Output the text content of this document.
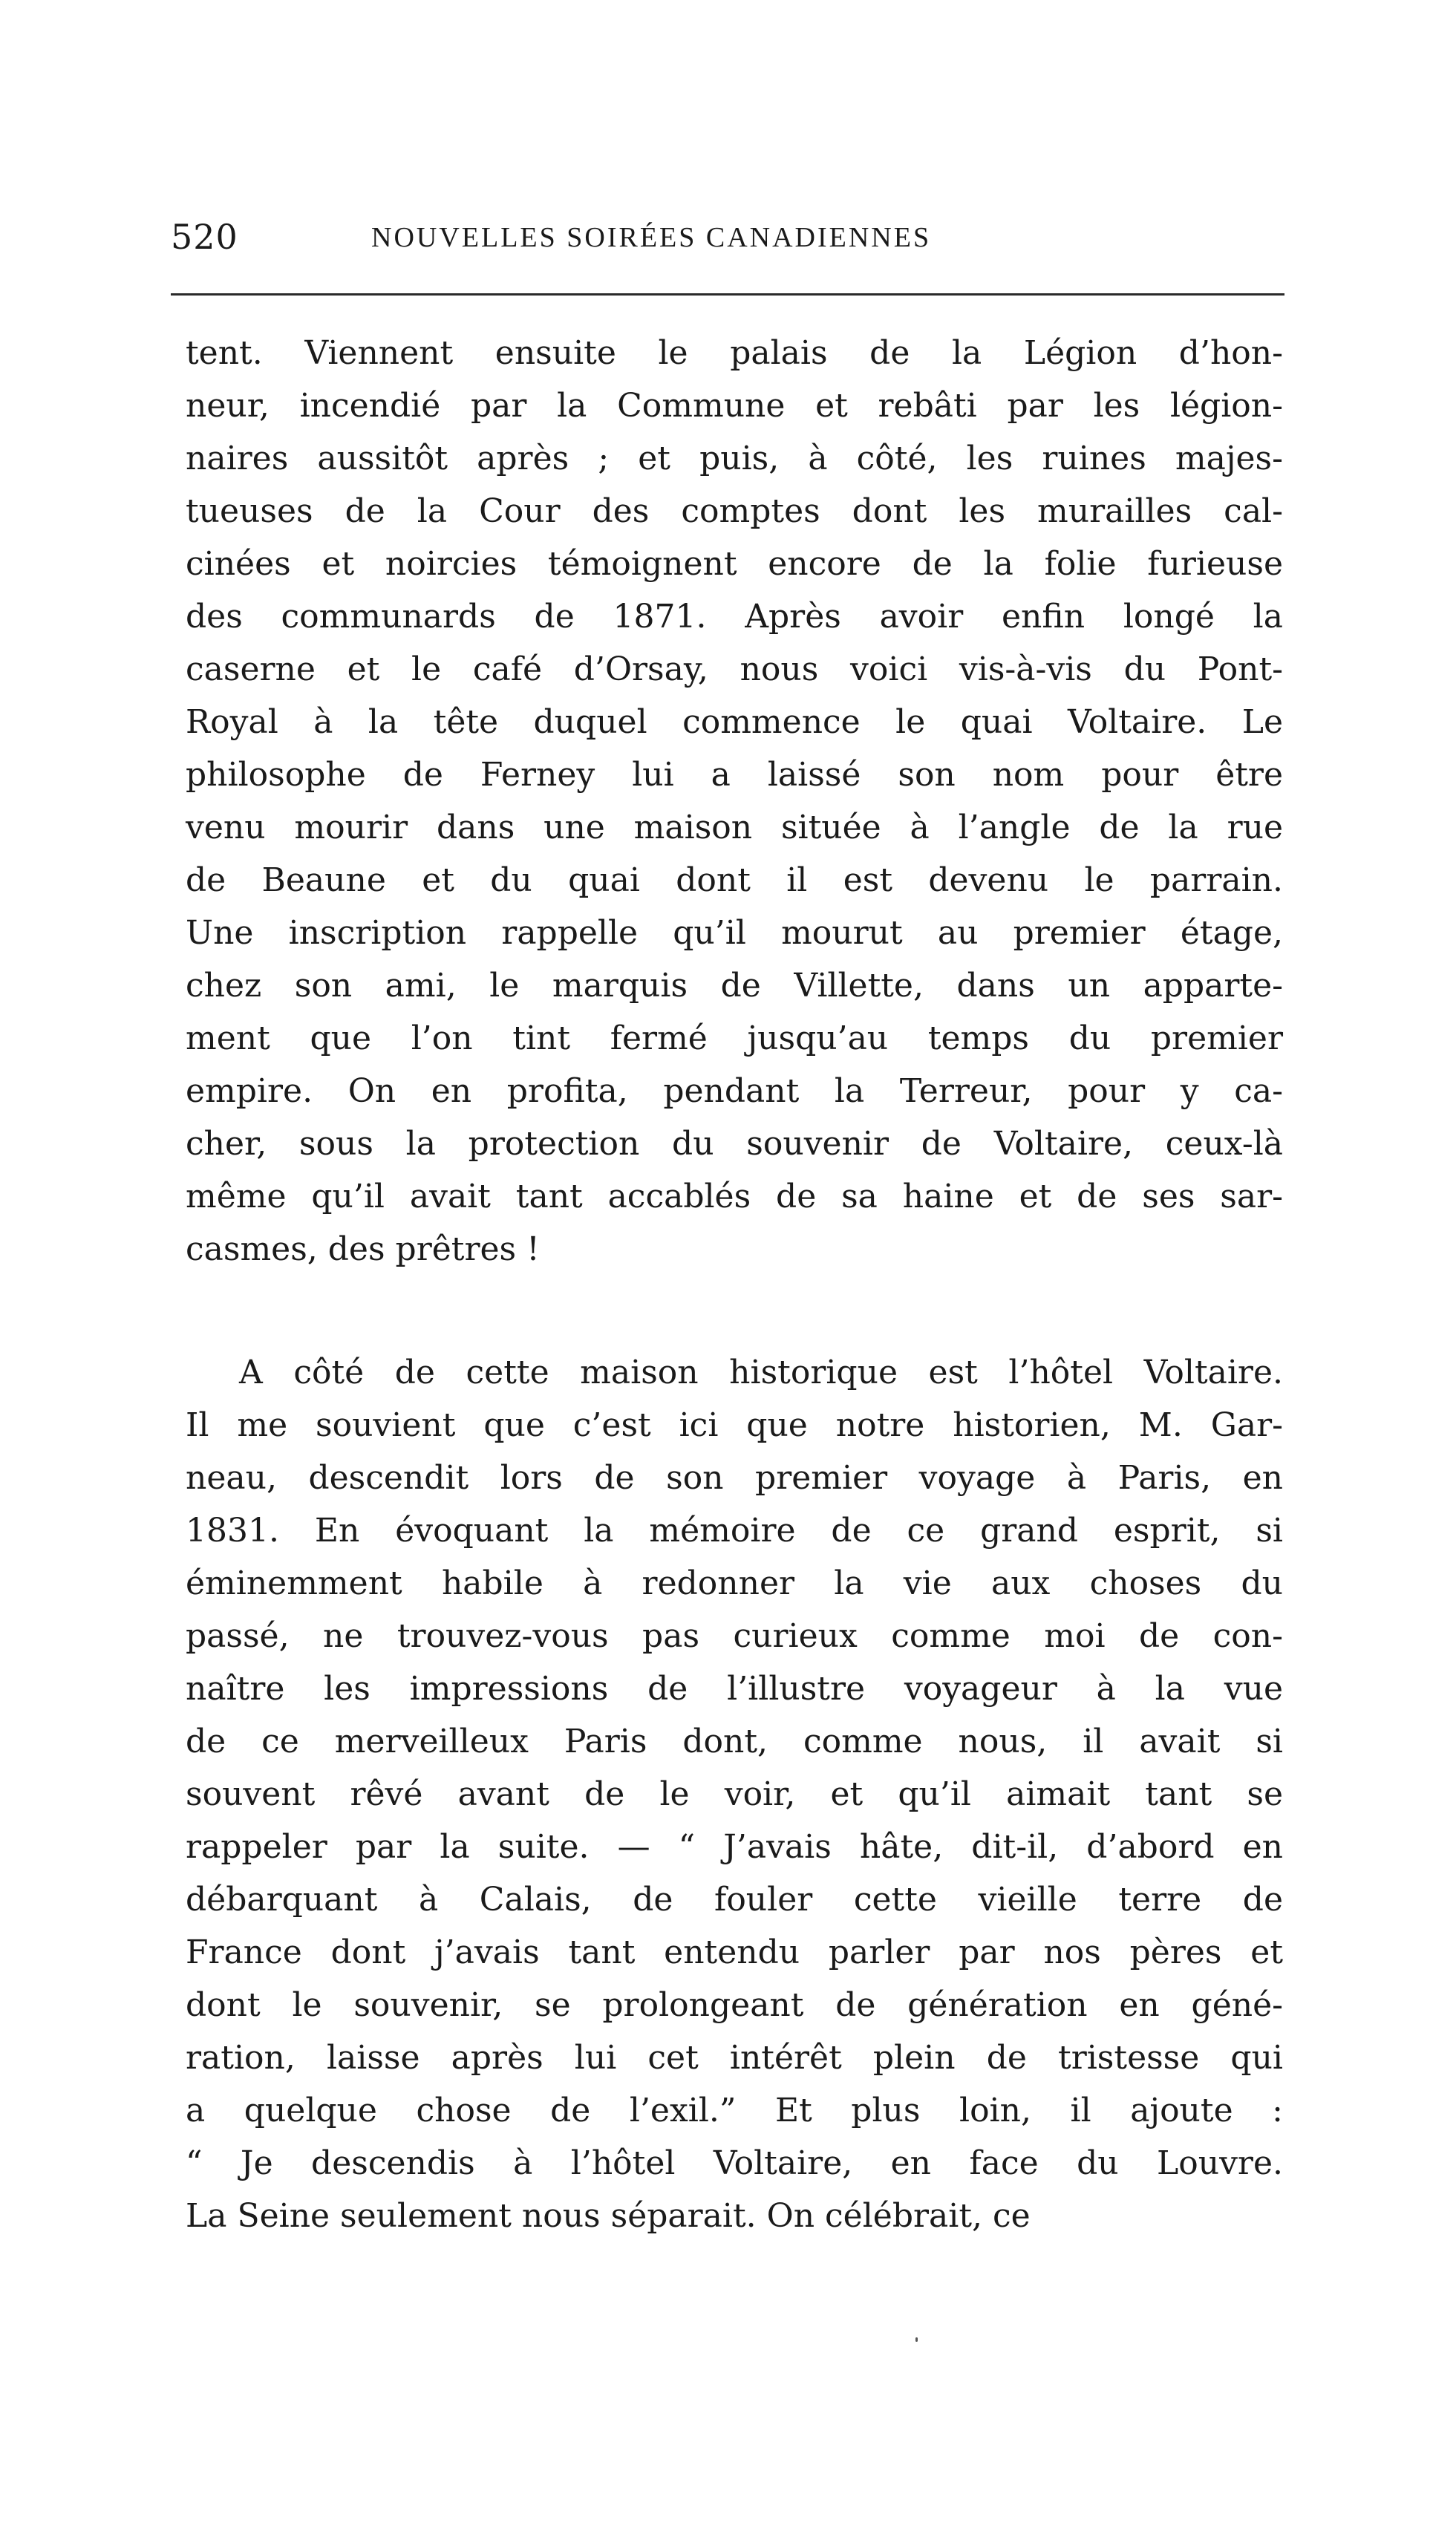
520	NOUVELLES SOIRÉES CANADIENNES
tent. Viennent ensuite le palais de la Légion d’hon-
neur, incendié par la Commune et rebâti par les légion-
naires aussitôt après ; et puis, à côté, les ruines majes-
tueuses de la Cour des comptes dont les murailles cal-
cinées et noircies témoignent encore de la folie furieuse
des communards de 1871. Après avoir enfin longé la
caserne et le café d’Orsay, nous voici vis-à-vis du Pont-
Royal à la tête duquel commence le quai Voltaire. Le
philosophe de Ferney lui a laissé son nom pour être
venu mourir dans une maison située à l’angle de la rue
de Beaune et du quai dont il est devenu le parrain.
Une inscription rappelle qu’il mourut au premier étage,
chez son ami, le marquis de Villette, dans un apparte-
ment que l’on tint fermé jusqu’au temps du premier
empire. On en profita, pendant la Terreur, pour y ca-
cher, sous la protection du souvenir de Voltaire, ceux-là
même qu’il avait tant accablés de sa haine et de ses sar-
casmes, des prêtres !
A côté de cette maison historique est l’hôtel Voltaire.
Il me souvient que c’est ici que notre historien, M. Gar-
neau, descendit lors de son premier voyage à Paris, en
1831. En évoquant la mémoire de ce grand esprit, si
éminemment habile à redonner la vie aux choses du
passé, ne trouvez-vous pas curieux comme moi de con-
naître les impressions de l’illustre voyageur à la vue
de ce merveilleux Paris dont, comme nous, il avait si
souvent rêvé avant de le voir, et qu’il aimait tant se
rappeler par la suite. — “ J’avais hâte, dit-il, d’abord en
débarquant à Calais, de fouler cette vieille terre de
France dont j’avais tant entendu parler par nos pères et
dont le souvenir, se prolongeant de génération en géné-
ration, laisse après lui cet intérêt plein de tristesse qui
a quelque chose de l’exil.” Et plus loin, il ajoute :
“ Je descendis à l’hôtel Voltaire, en face du Louvre.
La Seine seulement nous séparait. On célébrait, ce
